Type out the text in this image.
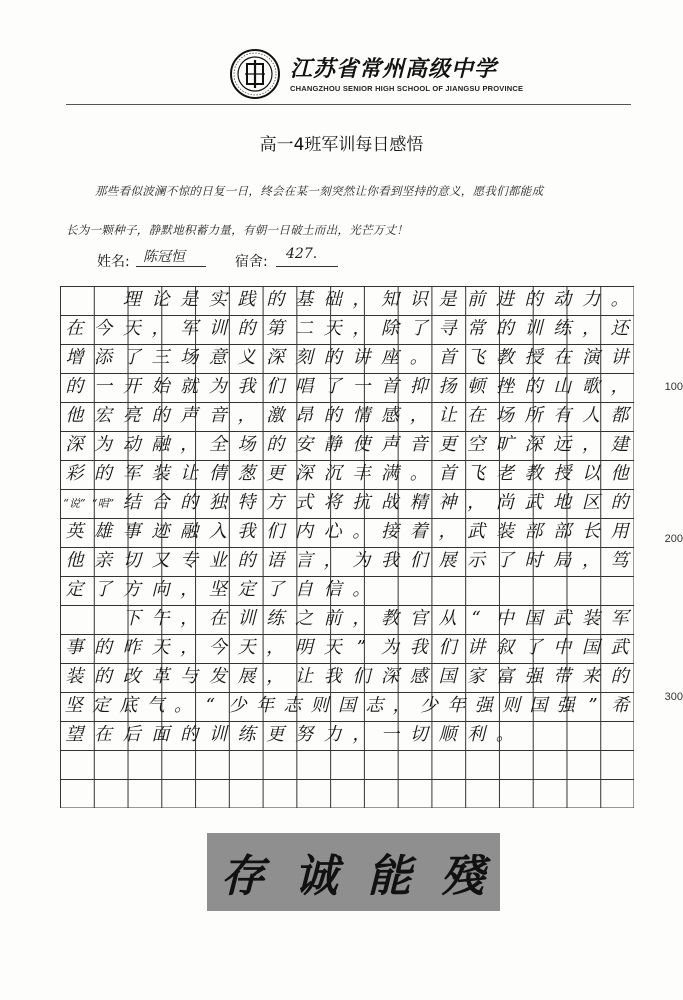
江苏省常州高级中学
CHANGZHOU SENIOR HIGH SCHOOL OF JIANGSU PROVINCE
高一4班军训每日感悟
那些看似波澜不惊的日复一日，终会在某一刻突然让你看到坚持的意义，愿我们都能成
长为一颗种子，静默地积蓄力量，有朝一日破土而出，光芒万丈！
姓名: 陈冠恒	宿舍: 427.
100
200
300
理 论 是 实 践 的 基 础 ， 知 识 是 前 进 的 动 力 。
在 今 天 ， 军 训 的 第 二 天 ， 除 了 寻 常 的 训 练 ， 还
增 添 了 三 场 意 义 深 刻 的 讲 座 。 首 飞 教 授 在 演 讲
的 一 开 始 就 为 我 们 唱 了 一 首 抑 扬 顿 挫 的 山 歌 ，
他 宏 亮 的 声 音 ， 激 昂 的 情 感 ， 让 在 场 所 有 人 都
深 为 动 融 ， 全 场 的 安 静 使 声 音 更 空 旷 深 远 ， 建
彩 的 军 装 让 倩 葱 更 深 沉 丰 满 。 首 飞 老 教 授 以 他
“说” “唱” 结 合 的 独 特 方 式 将 抗 战 精 神 ， 尚 武 地 区 的
英 雄 事 迹 融 入 我 们 内 心 。 接 着 ， 武 装 部 部 长 用
他 亲 切 又 专 业 的 语 言 ， 为 我 们 展 示 了 时 局 ， 笃
定 了 方 向 ， 坚 定 了 自 信 。
下 午 ， 在 训 练 之 前 ， 教 官 从 “ 中 国 武 装 军
事 的 昨 天 ， 今 天 ， 明 天 ” 为 我 们 讲 叙 了 中 国 武
装 的 改 革 与 发 展 ， 让 我 们 深 感 国 家 富 强 带 来 的
坚 定 底 气 。 “ 少 年 志 则 国 志 ， 少 年 强 则 国 强 ” 希
望 在 后 面 的 训 练 更 努 力 ， 一 切 顺 利 。
存 诚 能 殘
